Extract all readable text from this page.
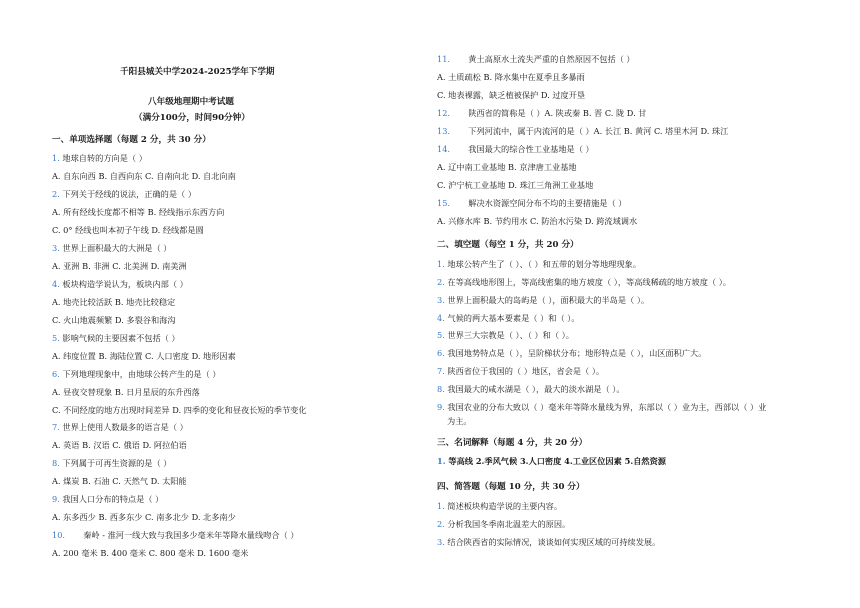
千阳县城关中学2024-2025学年下学期
八年级地理期中考试题
（满分100分，时间90分钟）
一、单项选择题（每题 2 分，共 30 分）
1. 地球自转的方向是（ ）
A. 自东向西 B. 自西向东 C. 自南向北 D. 自北向南
2. 下列关于经线的说法，正确的是（ ）
A. 所有经线长度都不相等 B. 经线指示东西方向
C. 0° 经线也叫本初子午线 D. 经线都是圆
3. 世界上面积最大的大洲是（ ）
A. 亚洲 B. 非洲 C. 北美洲 D. 南美洲
4. 板块构造学说认为，板块内部（ ）
A. 地壳比较活跃 B. 地壳比较稳定
C. 火山地震频繁 D. 多裂谷和海沟
5. 影响气候的主要因素不包括（ ）
A. 纬度位置 B. 海陆位置 C. 人口密度 D. 地形因素
6. 下列地理现象中，由地球公转产生的是（ ）
A. 昼夜交替现象 B. 日月星辰的东升西落
C. 不同经度的地方出现时间差异 D. 四季的变化和昼夜长短的季节变化
7. 世界上使用人数最多的语言是（ ）
A. 英语 B. 汉语 C. 俄语 D. 阿拉伯语
8. 下列属于可再生资源的是（ ）
A. 煤炭 B. 石油 C. 天然气 D. 太阳能
9. 我国人口分布的特点是（ ）
A. 东多西少 B. 西多东少 C. 南多北少 D. 北多南少
10. 秦岭 - 淮河一线大致与我国多少毫米年等降水量线吻合（ ）
A. 200 毫米 B. 400 毫米 C. 800 毫米 D. 1600 毫米
11. 黄土高原水土流失严重的自然原因不包括（ ）
A. 土质疏松 B. 降水集中在夏季且多暴雨
C. 地表裸露，缺乏植被保护 D. 过度开垦
12. 陕西省的简称是（ ）A. 陕或秦 B. 晋 C. 陇 D. 甘
13. 下列河流中，属于内流河的是（ ）A. 长江 B. 黄河 C. 塔里木河 D. 珠江
14. 我国最大的综合性工业基地是（ ）
A. 辽中南工业基地 B. 京津唐工业基地
C. 沪宁杭工业基地 D. 珠江三角洲工业基地
15. 解决水资源空间分布不均的主要措施是（ ）
A. 兴修水库 B. 节约用水 C. 防治水污染 D. 跨流域调水
二、填空题（每空 1 分，共 20 分）
1. 地球公转产生了（ ）、（ ）和五带的划分等地理现象。
2. 在等高线地形图上，等高线密集的地方坡度（ ），等高线稀疏的地方坡度（ ）。
3. 世界上面积最大的岛屿是（ ），面积最大的半岛是（ ）。
4. 气候的两大基本要素是（ ）和（ ）。
5. 世界三大宗教是（ ）、（ ）和（ ）。
6. 我国地势特点是（ ），呈阶梯状分布；地形特点是（ ），山区面积广大。
7. 陕西省位于我国的（ ）地区，省会是（ ）。
8. 我国最大的咸水湖是（ ），最大的淡水湖是（ ）。
9. 我国农业的分布大致以（ ）毫米年等降水量线为界，东部以（ ）业为主，西部以（ ）业
为主。
三、名词解释（每题 4 分，共 20 分）
1. 等高线 2.季风气候 3.人口密度 4.工业区位因素 5.自然资源
四、简答题（每题 10 分，共 30 分）
1. 简述板块构造学说的主要内容。
2. 分析我国冬季南北温差大的原因。
3. 结合陕西省的实际情况，谈谈如何实现区域的可持续发展。
